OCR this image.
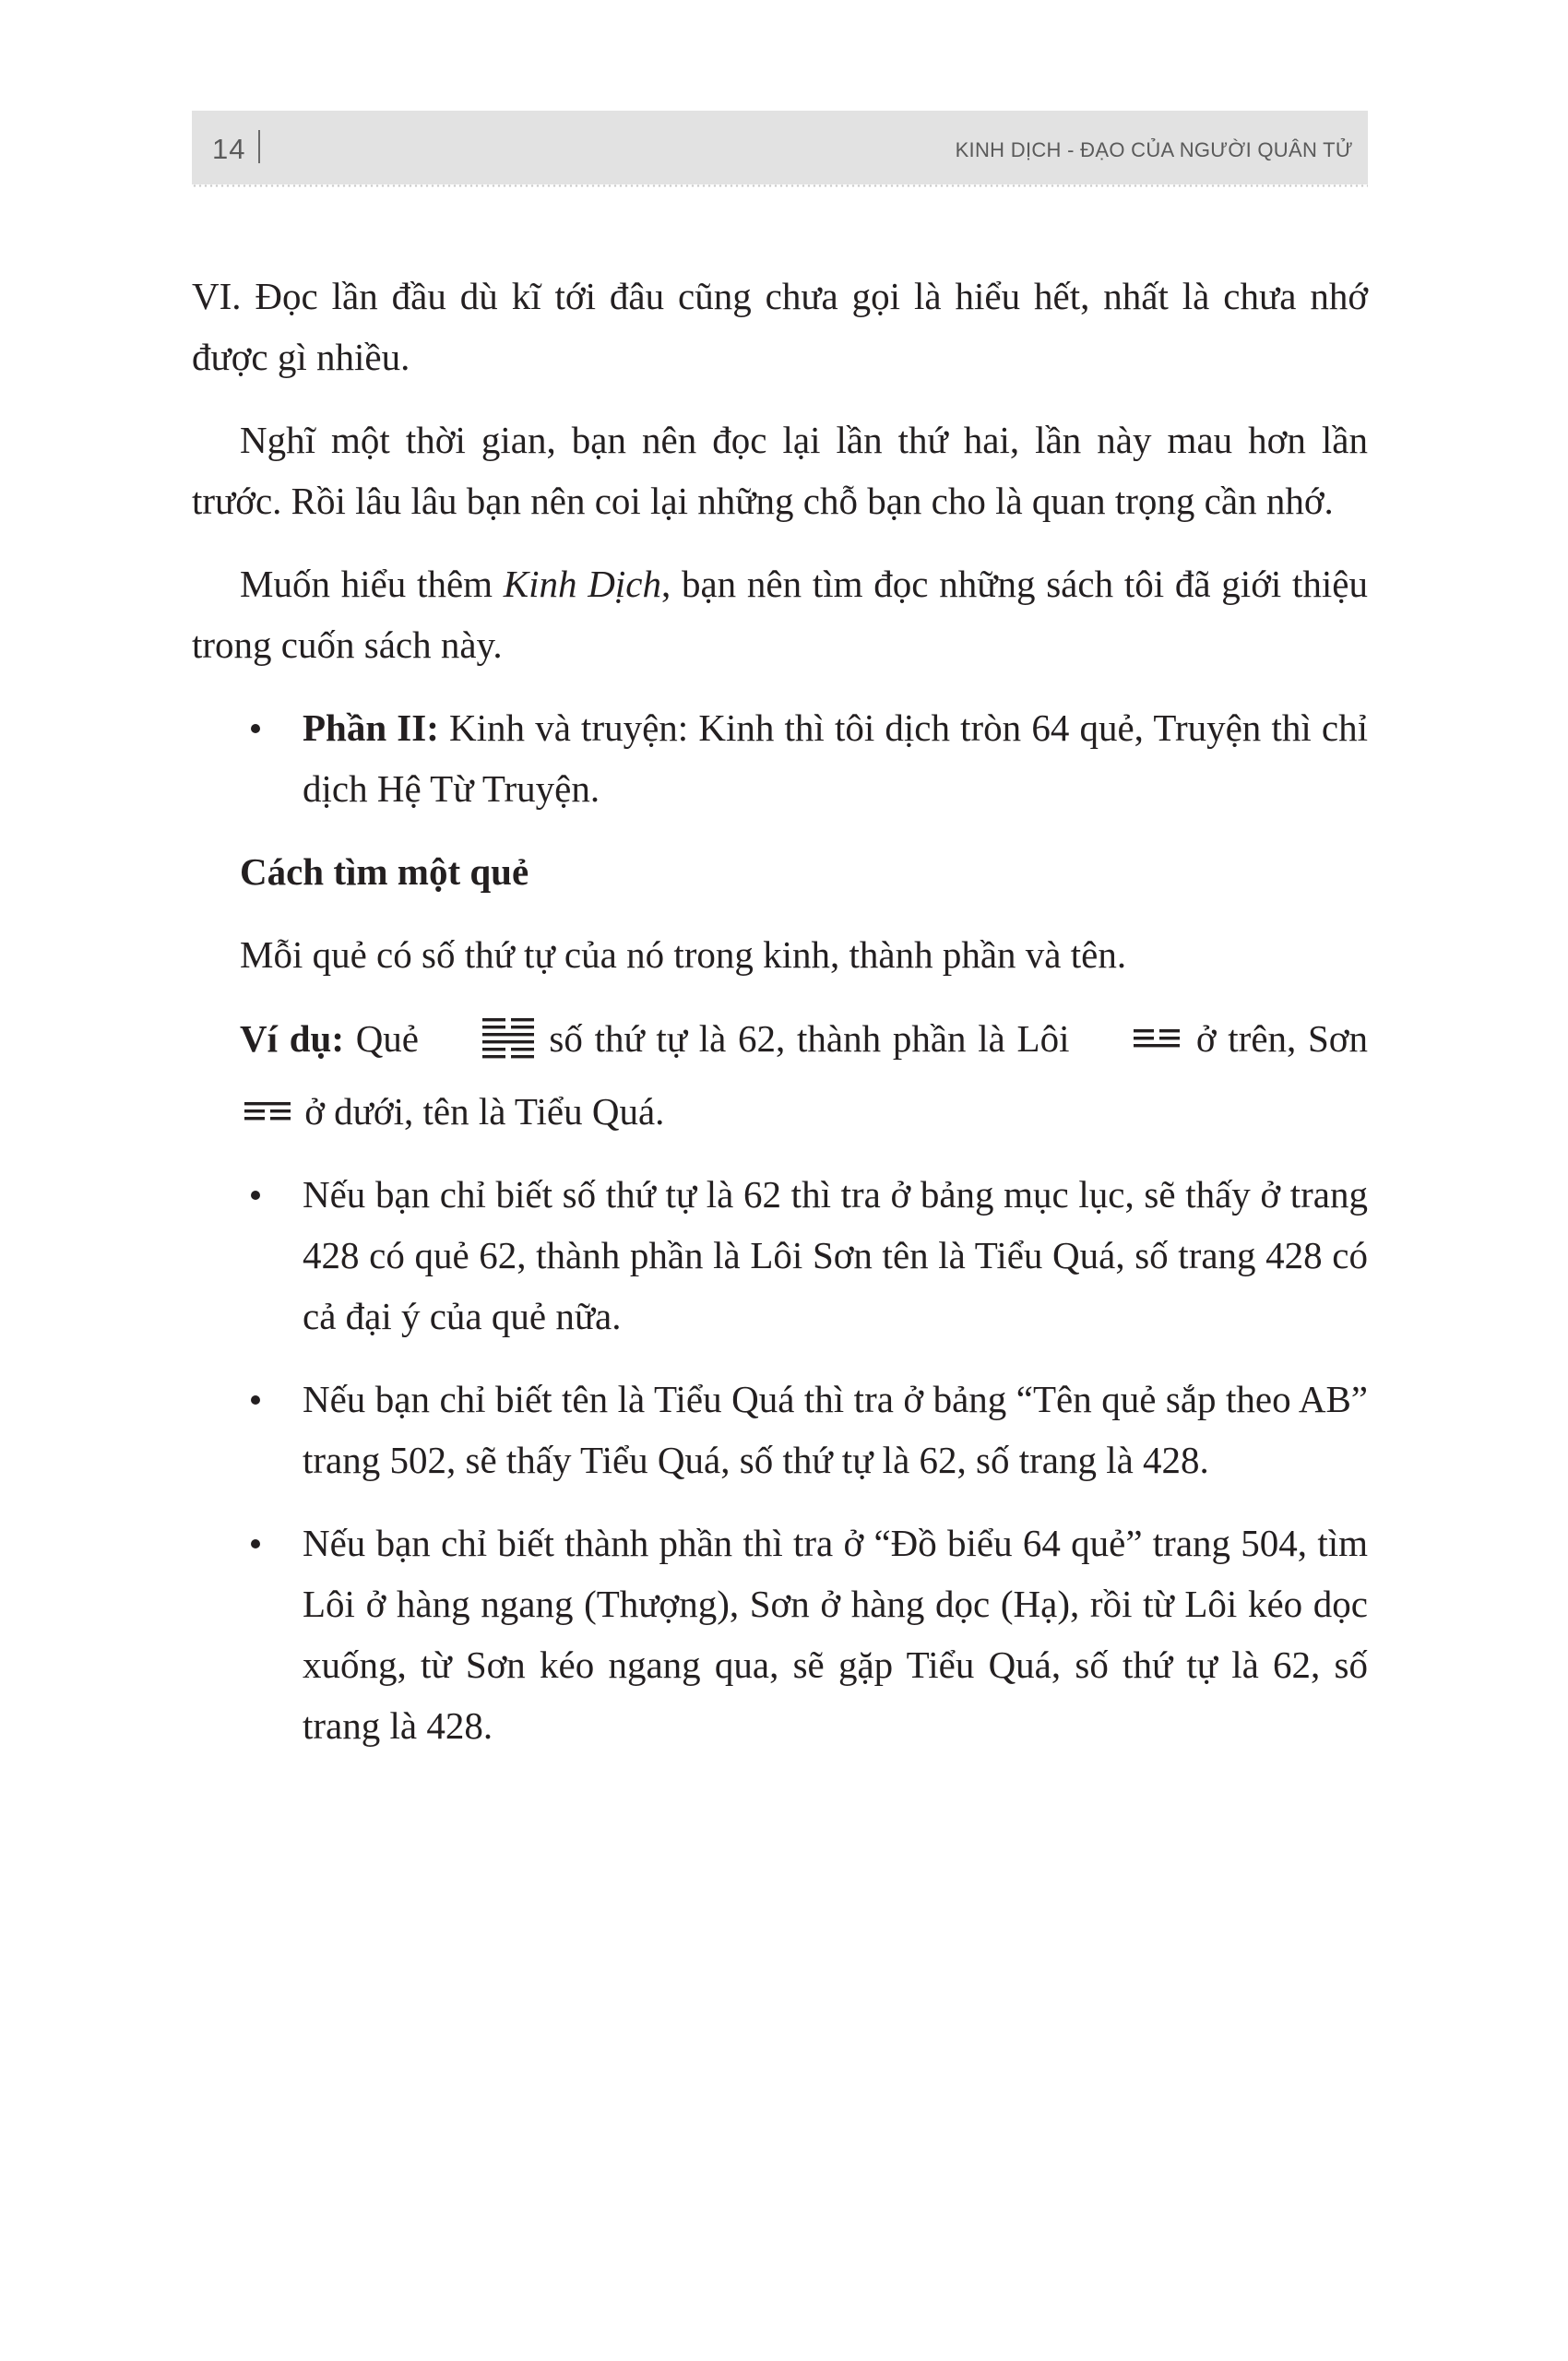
14	KINH DỊCH - ĐẠO CỦA NGƯỜI QUÂN TỬ

VI. Đọc lần đầu dù kĩ tới đâu cũng chưa gọi là hiểu hết, nhất là chưa nhớ được gì nhiều.

Nghĩ một thời gian, bạn nên đọc lại lần thứ hai, lần này mau hơn lần trước. Rồi lâu lâu bạn nên coi lại những chỗ bạn cho là quan trọng cần nhớ.

Muốn hiểu thêm Kinh Dịch, bạn nên tìm đọc những sách tôi đã giới thiệu trong cuốn sách này.

Phần II: Kinh và truyện: Kinh thì tôi dịch tròn 64 quẻ, Truyện thì chỉ dịch Hệ Từ Truyện.

Cách tìm một quẻ

Mỗi quẻ có số thứ tự của nó trong kinh, thành phần và tên.

Ví dụ: Quẻ	số thứ tự là 62, thành phần là Lôi	ở trên, Sơn  ở dưới, tên là Tiểu Quá.

Nếu bạn chỉ biết số thứ tự là 62 thì tra ở bảng mục lục, sẽ thấy ở trang 428 có quẻ 62, thành phần là Lôi Sơn tên là Tiểu Quá, số trang 428 có cả đại ý của quẻ nữa.

Nếu bạn chỉ biết tên là Tiểu Quá thì tra ở bảng “Tên quẻ sắp theo AB” trang 502, sẽ thấy Tiểu Quá, số thứ tự là 62, số trang là 428.

Nếu bạn chỉ biết thành phần thì tra ở “Đồ biểu 64 quẻ” trang 504, tìm Lôi ở hàng ngang (Thượng), Sơn ở hàng dọc (Hạ), rồi từ Lôi kéo dọc xuống, từ Sơn kéo ngang qua, sẽ gặp Tiểu Quá, số thứ tự là 62, số trang là 428.
